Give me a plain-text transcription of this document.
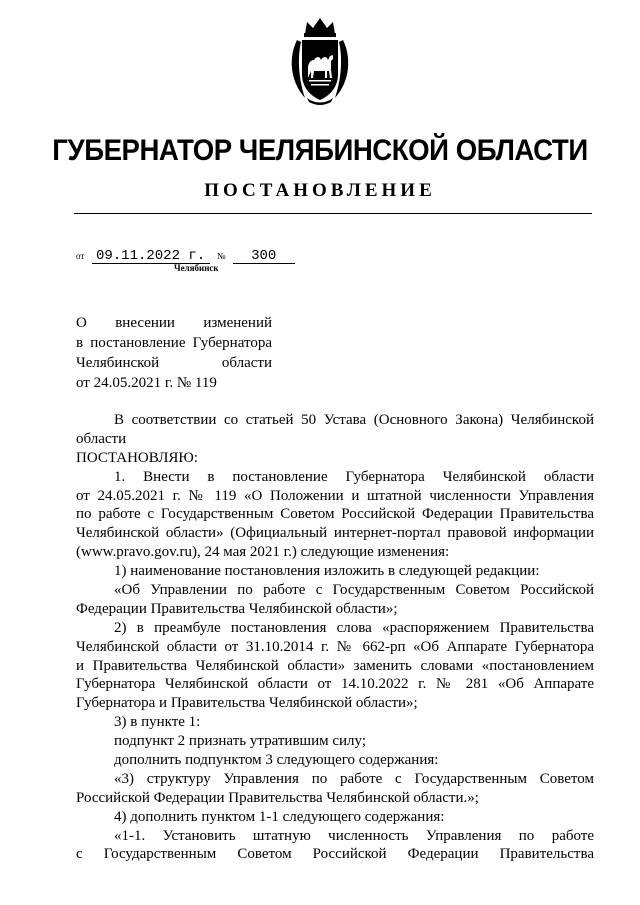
ГУБЕРНАТОР ЧЕЛЯБИНСКОЙ ОБЛАСТИ
ПОСТАНОВЛЕНИЕ
от 09.11.2022 г. № 300
Челябинск
О внесении изменений
в постановление Губернатора
Челябинской области
от 24.05.2021 г. № 119
В соответствии со статьей 50 Устава (Основного Закона) Челябинской
области
ПОСТАНОВЛЯЮ:
1. Внести в постановление Губернатора Челябинской области
от 24.05.2021 г. № 119 «О Положении и штатной численности Управления
по работе с Государственным Советом Российской Федерации Правительства
Челябинской области» (Официальный интернет-портал правовой информации
(www.pravo.gov.ru), 24 мая 2021 г.) следующие изменения:
1) наименование постановления изложить в следующей редакции:
«Об Управлении по работе с Государственным Советом Российской
Федерации Правительства Челябинской области»;
2) в преамбуле постановления слова «распоряжением Правительства
Челябинской области от 31.10.2014 г. № 662-рп «Об Аппарате Губернатора
и Правительства Челябинской области» заменить словами «постановлением
Губернатора Челябинской области от 14.10.2022 г. № 281 «Об Аппарате
Губернатора и Правительства Челябинской области»;
3) в пункте 1:
подпункт 2 признать утратившим силу;
дополнить подпунктом 3 следующего содержания:
«3) структуру Управления по работе с Государственным Советом
Российской Федерации Правительства Челябинской области.»;
4) дополнить пунктом 1-1 следующего содержания:
«1-1. Установить штатную численность Управления по работе
с Государственным Советом Российской Федерации Правительства
